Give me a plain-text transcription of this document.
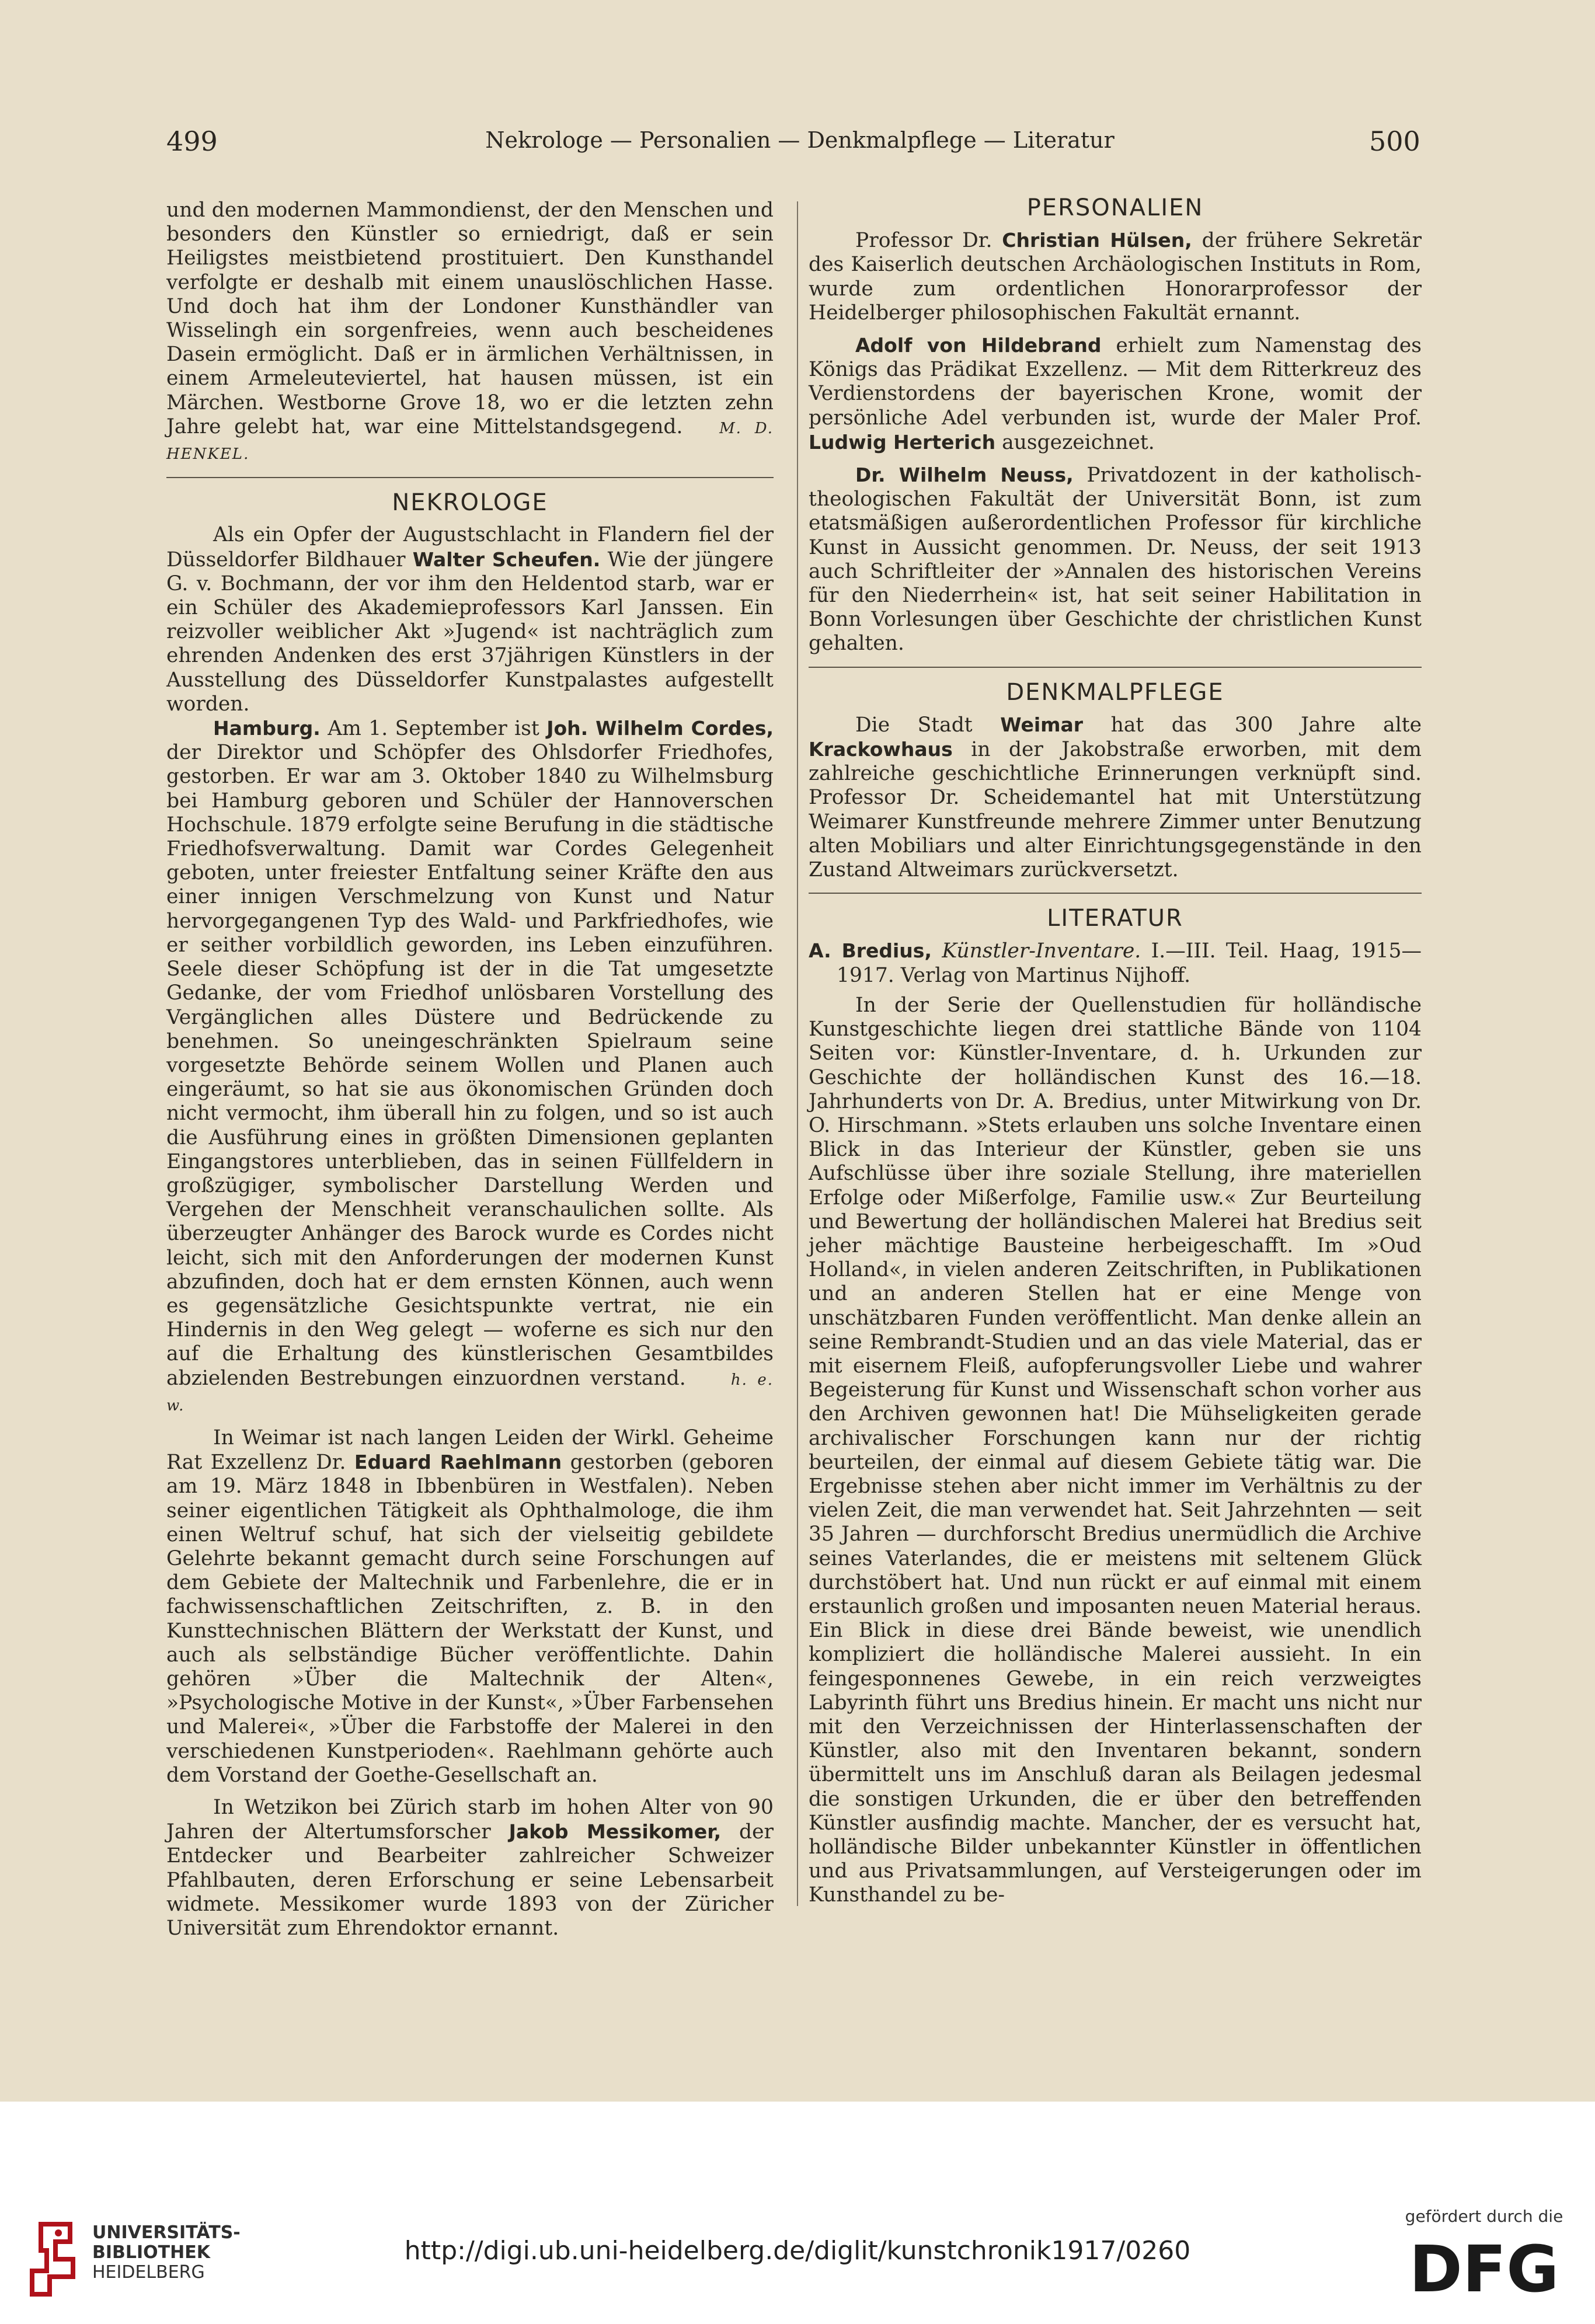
499	Nekrologe — Personalien — Denkmalpflege — Literatur	500

und den modernen Mammondienst, der den Menschen und besonders den Künstler so erniedrigt, daß er sein Heiligstes meistbietend prostituiert. Den Kunsthandel verfolgte er deshalb mit einem unauslöschlichen Hasse. Und doch hat ihm der Londoner Kunsthändler van Wisselingh ein sorgenfreies, wenn auch bescheidenes Dasein ermöglicht. Daß er in ärmlichen Verhältnissen, in einem Armeleuteviertel, hat hausen müssen, ist ein Märchen. Westborne Grove 18, wo er die letzten zehn Jahre gelebt hat, war eine Mittelstandsgegend. M. D. HENKEL.

NEKROLOGE

Als ein Opfer der Augustschlacht in Flandern fiel der Düsseldorfer Bildhauer Walter Scheufen. Wie der jüngere G. v. Bochmann, der vor ihm den Heldentod starb, war er ein Schüler des Akademieprofessors Karl Janssen. Ein reizvoller weiblicher Akt »Jugend« ist nachträglich zum ehrenden Andenken des erst 37jährigen Künstlers in der Ausstellung des Düsseldorfer Kunstpalastes aufgestellt worden.

Hamburg. Am 1. September ist Joh. Wilhelm Cordes, der Direktor und Schöpfer des Ohlsdorfer Friedhofes, gestorben. Er war am 3. Oktober 1840 zu Wilhelmsburg bei Hamburg geboren und Schüler der Hannoverschen Hochschule. 1879 erfolgte seine Berufung in die städtische Friedhofsverwaltung. Damit war Cordes Gelegenheit geboten, unter freiester Entfaltung seiner Kräfte den aus einer innigen Verschmelzung von Kunst und Natur hervorgegangenen Typ des Wald- und Parkfriedhofes, wie er seither vorbildlich geworden, ins Leben einzuführen. Seele dieser Schöpfung ist der in die Tat umgesetzte Gedanke, der vom Friedhof unlösbaren Vorstellung des Vergänglichen alles Düstere und Bedrückende zu benehmen. So uneingeschränkten Spielraum seine vorgesetzte Behörde seinem Wollen und Planen auch eingeräumt, so hat sie aus ökonomischen Gründen doch nicht vermocht, ihm überall hin zu folgen, und so ist auch die Ausführung eines in größten Dimensionen geplanten Eingangstores unterblieben, das in seinen Füllfeldern in großzügiger, symbolischer Darstellung Werden und Vergehen der Menschheit veranschaulichen sollte. Als überzeugter Anhänger des Barock wurde es Cordes nicht leicht, sich mit den Anforderungen der modernen Kunst abzufinden, doch hat er dem ernsten Können, auch wenn es gegensätzliche Gesichtspunkte vertrat, nie ein Hindernis in den Weg gelegt — woferne es sich nur den auf die Erhaltung des künstlerischen Gesamtbildes abzielenden Bestrebungen einzuordnen verstand.	h. e. w.

In Weimar ist nach langen Leiden der Wirkl. Geheime Rat Exzellenz Dr. Eduard Raehlmann gestorben (geboren am 19. März 1848 in Ibbenbüren in Westfalen). Neben seiner eigentlichen Tätigkeit als Ophthalmologe, die ihm einen Weltruf schuf, hat sich der vielseitig gebildete Gelehrte bekannt gemacht durch seine Forschungen auf dem Gebiete der Maltechnik und Farbenlehre, die er in fachwissenschaftlichen Zeitschriften, z. B. in den Kunsttechnischen Blättern der Werkstatt der Kunst, und auch als selbständige Bücher veröffentlichte. Dahin gehören »Über die Maltechnik der Alten«, »Psychologische Motive in der Kunst«, »Über Farbensehen und Malerei«, »Über die Farbstoffe der Malerei in den verschiedenen Kunstperioden«. Raehlmann gehörte auch dem Vorstand der Goethe-Gesellschaft an.

In Wetzikon bei Zürich starb im hohen Alter von 90 Jahren der Altertumsforscher Jakob Messikomer, der Entdecker und Bearbeiter zahlreicher Schweizer Pfahlbauten, deren Erforschung er seine Lebensarbeit widmete. Messikomer wurde 1893 von der Züricher Universität zum Ehrendoktor ernannt.

PERSONALIEN

Professor Dr. Christian Hülsen, der frühere Sekretär des Kaiserlich deutschen Archäologischen Instituts in Rom, wurde zum ordentlichen Honorarprofessor der Heidelberger philosophischen Fakultät ernannt.

Adolf von Hildebrand erhielt zum Namenstag des Königs das Prädikat Exzellenz. — Mit dem Ritterkreuz des Verdienstordens der bayerischen Krone, womit der persönliche Adel verbunden ist, wurde der Maler Prof. Ludwig Herterich ausgezeichnet.

Dr. Wilhelm Neuss, Privatdozent in der katholisch-theologischen Fakultät der Universität Bonn, ist zum etatsmäßigen außerordentlichen Professor für kirchliche Kunst in Aussicht genommen. Dr. Neuss, der seit 1913 auch Schriftleiter der »Annalen des historischen Vereins für den Niederrhein« ist, hat seit seiner Habilitation in Bonn Vorlesungen über Geschichte der christlichen Kunst gehalten.

DENKMALPFLEGE

Die Stadt Weimar hat das 300 Jahre alte Krackowhaus in der Jakobstraße erworben, mit dem zahlreiche geschichtliche Erinnerungen verknüpft sind. Professor Dr. Scheidemantel hat mit Unterstützung Weimarer Kunstfreunde mehrere Zimmer unter Benutzung alten Mobiliars und alter Einrichtungsgegenstände in den Zustand Altweimars zurückversetzt.

LITERATUR

A. Bredius, Künstler-Inventare. I.—III. Teil. Haag, 1915—1917. Verlag von Martinus Nijhoff.

In der Serie der Quellenstudien für holländische Kunstgeschichte liegen drei stattliche Bände von 1104 Seiten vor: Künstler-Inventare, d. h. Urkunden zur Geschichte der holländischen Kunst des 16.—18. Jahrhunderts von Dr. A. Bredius, unter Mitwirkung von Dr. O. Hirschmann. »Stets erlauben uns solche Inventare einen Blick in das Interieur der Künstler, geben sie uns Aufschlüsse über ihre soziale Stellung, ihre materiellen Erfolge oder Mißerfolge, Familie usw.« Zur Beurteilung und Bewertung der holländischen Malerei hat Bredius seit jeher mächtige Bausteine herbeigeschafft. Im »Oud Holland«, in vielen anderen Zeitschriften, in Publikationen und an anderen Stellen hat er eine Menge von unschätzbaren Funden veröffentlicht. Man denke allein an seine Rembrandt-Studien und an das viele Material, das er mit eisernem Fleiß, aufopferungsvoller Liebe und wahrer Begeisterung für Kunst und Wissenschaft schon vorher aus den Archiven gewonnen hat! Die Mühseligkeiten gerade archivalischer Forschungen kann nur der richtig beurteilen, der einmal auf diesem Gebiete tätig war. Die Ergebnisse stehen aber nicht immer im Verhältnis zu der vielen Zeit, die man verwendet hat. Seit Jahrzehnten — seit 35 Jahren — durchforscht Bredius unermüdlich die Archive seines Vaterlandes, die er meistens mit seltenem Glück durchstöbert hat. Und nun rückt er auf einmal mit einem erstaunlich großen und imposanten neuen Material heraus. Ein Blick in diese drei Bände beweist, wie unendlich kompliziert die holländische Malerei aussieht. In ein feingesponnenes Gewebe, in ein reich verzweigtes Labyrinth führt uns Bredius hinein. Er macht uns nicht nur mit den Verzeichnissen der Hinterlassenschaften der Künstler, also mit den Inventaren bekannt, sondern übermittelt uns im Anschluß daran als Beilagen jedesmal die sonstigen Urkunden, die er über den betreffenden Künstler ausfindig machte. Mancher, der es versucht hat, holländische Bilder unbekannter Künstler in öffentlichen und aus Privatsammlungen, auf Versteigerungen oder im Kunsthandel zu be-

UNIVERSITÄTS-
BIBLIOTHEK
HEIDELBERG
http://digi.ub.uni-heidelberg.de/diglit/kunstchronik1917/0260
gefördert durch die
DFG
